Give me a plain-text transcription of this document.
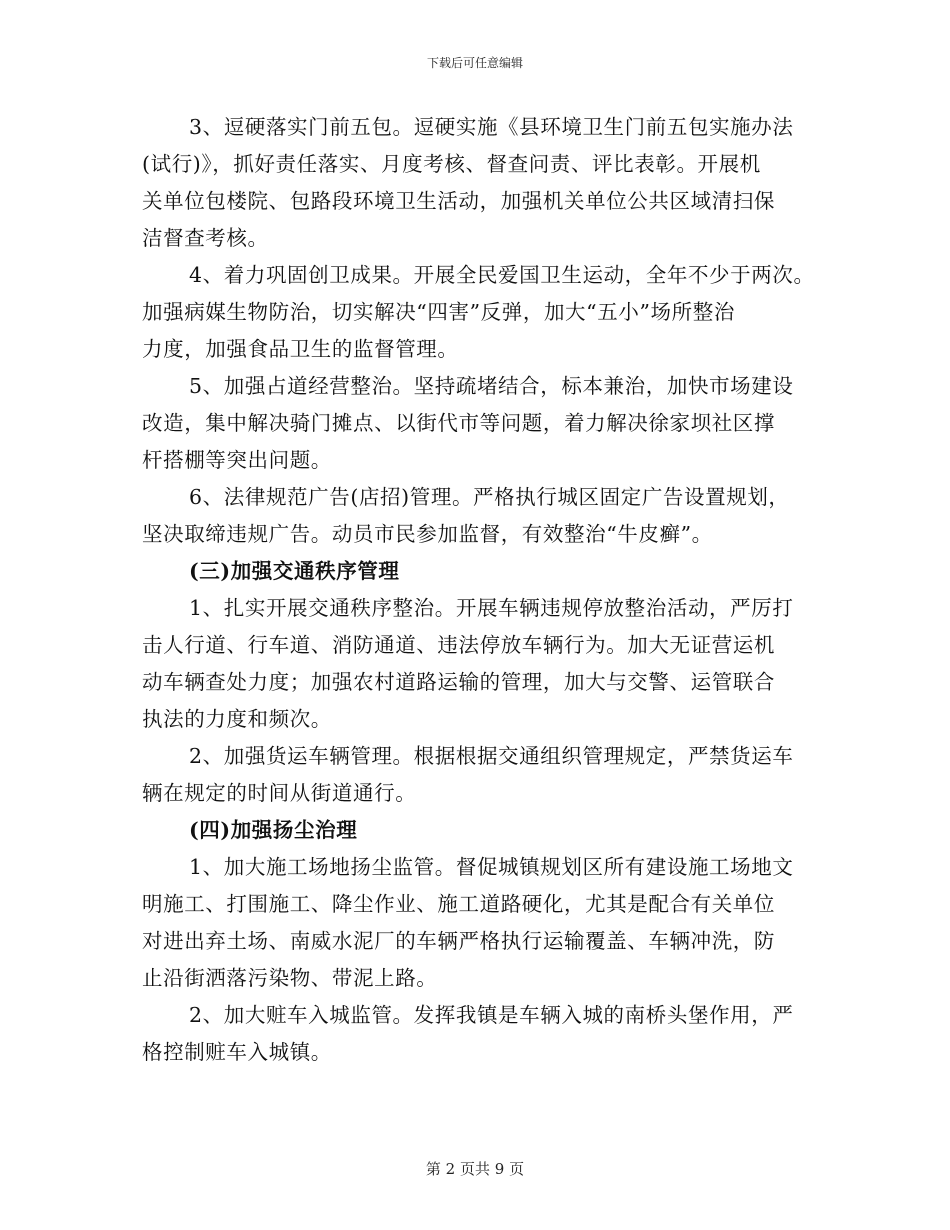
下载后可任意编辑
3、逗硬落实门前五包。逗硬实施《县环境卫生门前五包实施办法
(试行)》，抓好责任落实、月度考核、督查问责、评比表彰。开展机
关单位包楼院、包路段环境卫生活动，加强机关单位公共区域清扫保
洁督查考核。
4、着力巩固创卫成果。开展全民爱国卫生运动，全年不少于两次。
加强病媒生物防治，切实解决“四害”反弹，加大“五小”场所整治
力度，加强食品卫生的监督管理。
5、加强占道经营整治。坚持疏堵结合，标本兼治，加快市场建设
改造，集中解决骑门摊点、以街代市等问题，着力解决徐家坝社区撑
杆搭棚等突出问题。
6、法律规范广告(店招)管理。严格执行城区固定广告设置规划，
坚决取缔违规广告。动员市民参加监督，有效整治“牛皮癣”。
(三)加强交通秩序管理
1、扎实开展交通秩序整治。开展车辆违规停放整治活动，严厉打
击人行道、行车道、消防通道、违法停放车辆行为。加大无证营运机
动车辆查处力度；加强农村道路运输的管理，加大与交警、运管联合
执法的力度和频次。
2、加强货运车辆管理。根据根据交通组织管理规定，严禁货运车
辆在规定的时间从街道通行。
(四)加强扬尘治理
1、加大施工场地扬尘监管。督促城镇规划区所有建设施工场地文
明施工、打围施工、降尘作业、施工道路硬化，尤其是配合有关单位
对进出弃土场、南威水泥厂的车辆严格执行运输覆盖、车辆冲洗，防
止沿街洒落污染物、带泥上路。
2、加大赃车入城监管。发挥我镇是车辆入城的南桥头堡作用，严
格控制赃车入城镇。
第 2 页共 9 页
